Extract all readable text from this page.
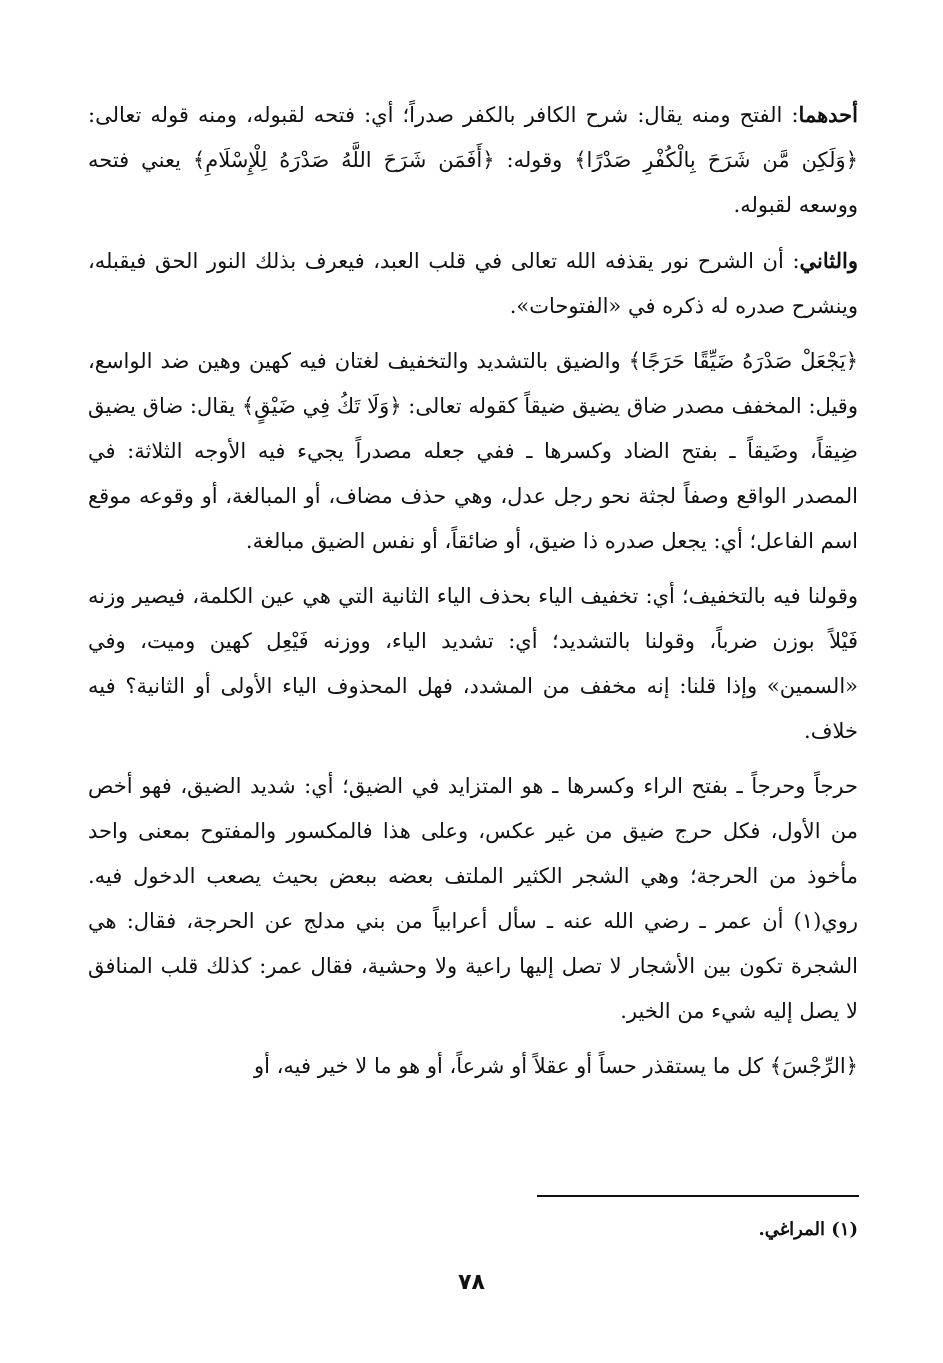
أحدهما: الفتح ومنه يقال: شرح الكافر بالكفر صدراً؛ أي: فتحه لقبوله، ومنه قوله تعالى: ﴿وَلَكِن مَّن شَرَحَ بِالْكُفْرِ صَدْرًا﴾ وقوله: ﴿أَفَمَن شَرَحَ اللَّهُ صَدْرَهُ لِلْإِسْلَامِ﴾ يعني فتحه ووسعه لقبوله.

والثاني: أن الشرح نور يقذفه الله تعالى في قلب العبد، فيعرف بذلك النور الحق فيقبله، وينشرح صدره له ذكره في «الفتوحات».

﴿يَجْعَلْ صَدْرَهُ ضَيِّقًا حَرَجًا﴾ والضيق بالتشديد والتخفيف لغتان فيه كهين وهين ضد الواسع، وقيل: المخفف مصدر ضاق يضيق ضيقاً كقوله تعالى: ﴿وَلَا تَكُ فِي ضَيْقٍ﴾ يقال: ضاق يضيق ضِيقاً، وضَيقاً ـ بفتح الضاد وكسرها ـ ففي جعله مصدراً يجيء فيه الأوجه الثلاثة: في المصدر الواقع وصفاً لجثة نحو رجل عدل، وهي حذف مضاف، أو المبالغة، أو وقوعه موقع اسم الفاعل؛ أي: يجعل صدره ذا ضيق، أو ضائقاً، أو نفس الضيق مبالغة.

وقولنا فيه بالتخفيف؛ أي: تخفيف الياء بحذف الياء الثانية التي هي عين الكلمة، فيصير وزنه فَيْلاً بوزن ضرباً، وقولنا بالتشديد؛ أي: تشديد الياء، ووزنه فَيْعِل كهين وميت، وفي «السمين» وإذا قلنا: إنه مخفف من المشدد، فهل المحذوف الياء الأولى أو الثانية؟ فيه خلاف.

حرجاً وحرجاً ـ بفتح الراء وكسرها ـ هو المتزايد في الضيق؛ أي: شديد الضيق، فهو أخص من الأول، فكل حرج ضيق من غير عكس، وعلى هذا فالمكسور والمفتوح بمعنى واحد مأخوذ من الحرجة؛ وهي الشجر الكثير الملتف بعضه ببعض بحيث يصعب الدخول فيه. روي(١) أن عمر ـ رضي الله عنه ـ سأل أعرابياً من بني مدلج عن الحرجة، فقال: هي الشجرة تكون بين الأشجار لا تصل إليها راعية ولا وحشية، فقال عمر: كذلك قلب المنافق لا يصل إليه شيء من الخير.

﴿الرِّجْسَ﴾ كل ما يستقذر حساً أو عقلاً أو شرعاً، أو هو ما لا خير فيه، أو

(١) المراغي.
٧٨
